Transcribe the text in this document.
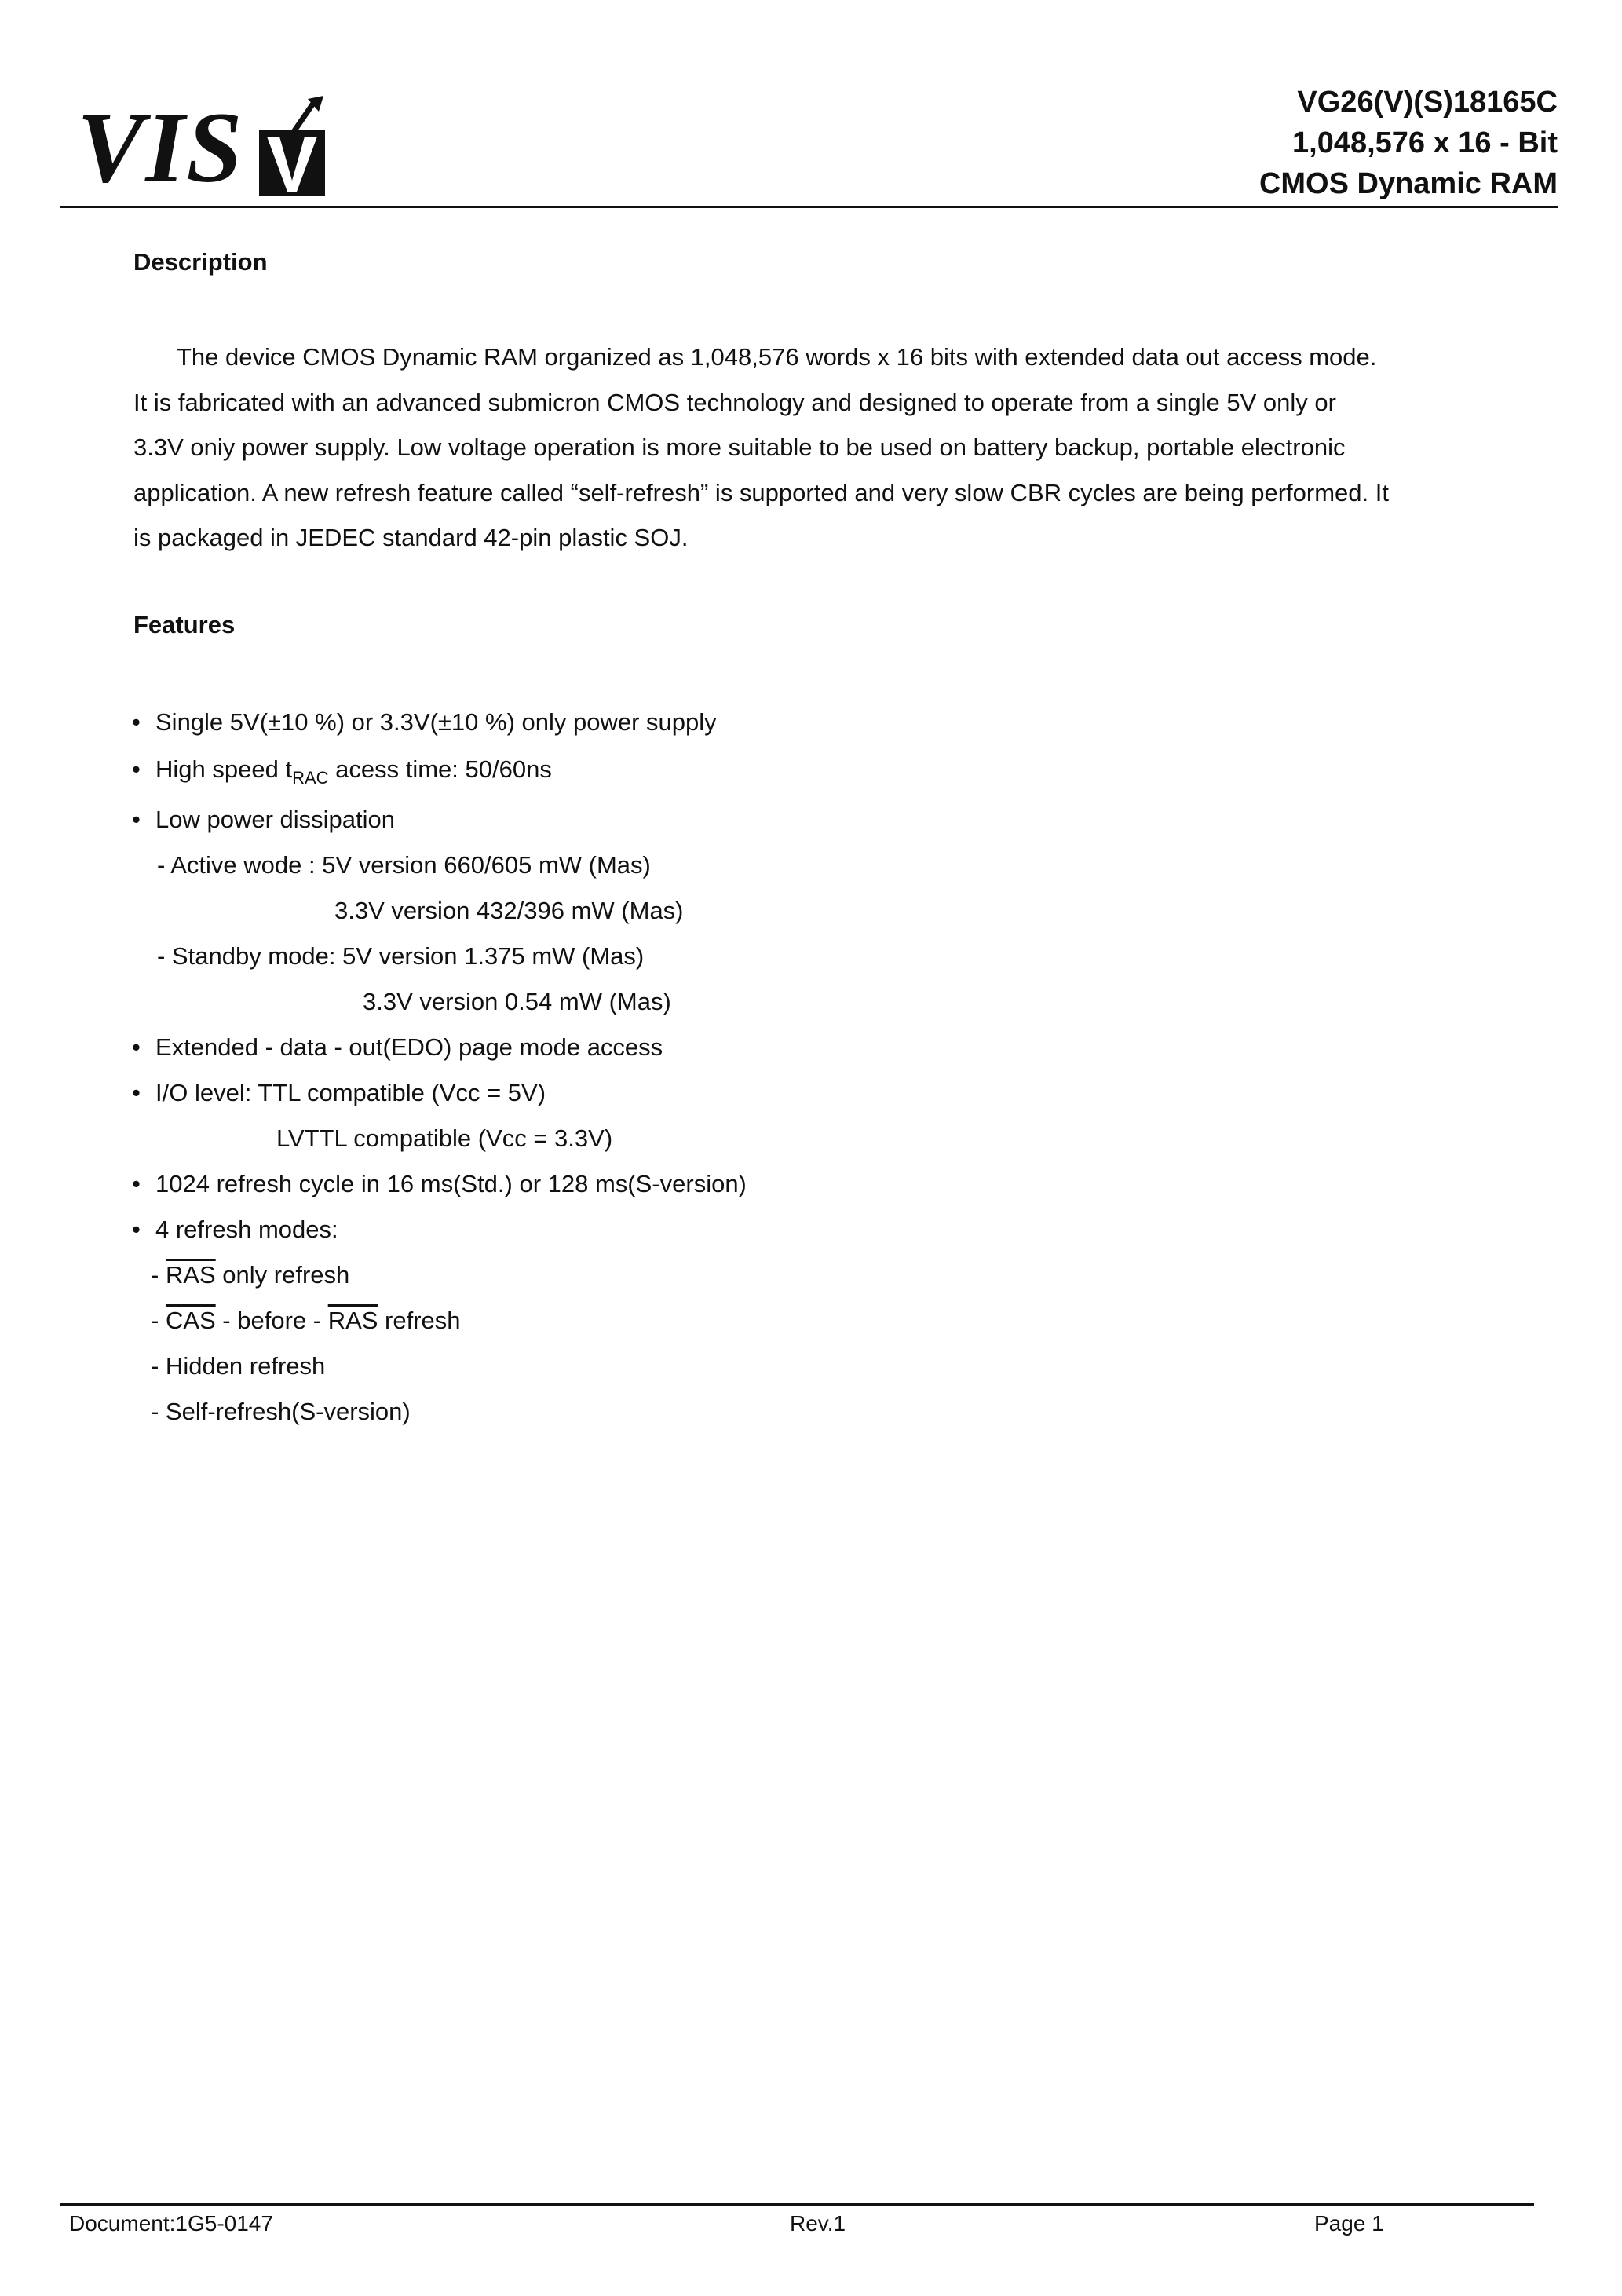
VIS	VG26(V)(S)18165C
1,048,576 x 16 - Bit
CMOS Dynamic RAM
Description
The device CMOS Dynamic RAM organized as 1,048,576 words x 16 bits with extended data out access mode. It is fabricated with an advanced submicron CMOS technology and designed to operate from a single 5V only or 3.3V oniy power supply. Low voltage operation is more suitable to be used on battery backup, portable electronic application. A new refresh feature called “self-refresh” is supported and very slow CBR cycles are being performed. It is packaged in JEDEC standard 42-pin plastic SOJ.
Features
• Single 5V(±10 %) or 3.3V(±10 %) only power supply
• High speed $t_{RAC}$ acess time: 50/60ns
• Low power dissipation
- Active wode : 5V version 660/605 mW (Mas)
3.3V version 432/396 mW (Mas)
- Standby mode: 5V version 1.375 mW (Mas)
3.3V version 0.54 mW (Mas)
• Extended - data - out(EDO) page mode access
• I/O level: TTL compatible (Vcc = 5V)
LVTTL compatible (Vcc = 3.3V)
• 1024 refresh cycle in 16 ms(Std.) or 128 ms(S-version)
• 4 refresh modes:
- $\overline{RAS}$ only refresh
- $\overline{CAS}$ - before - $\overline{RAS}$ refresh
- Hidden refresh
- Self-refresh(S-version)
Document:1G5-0147	Rev.1	Page 1
